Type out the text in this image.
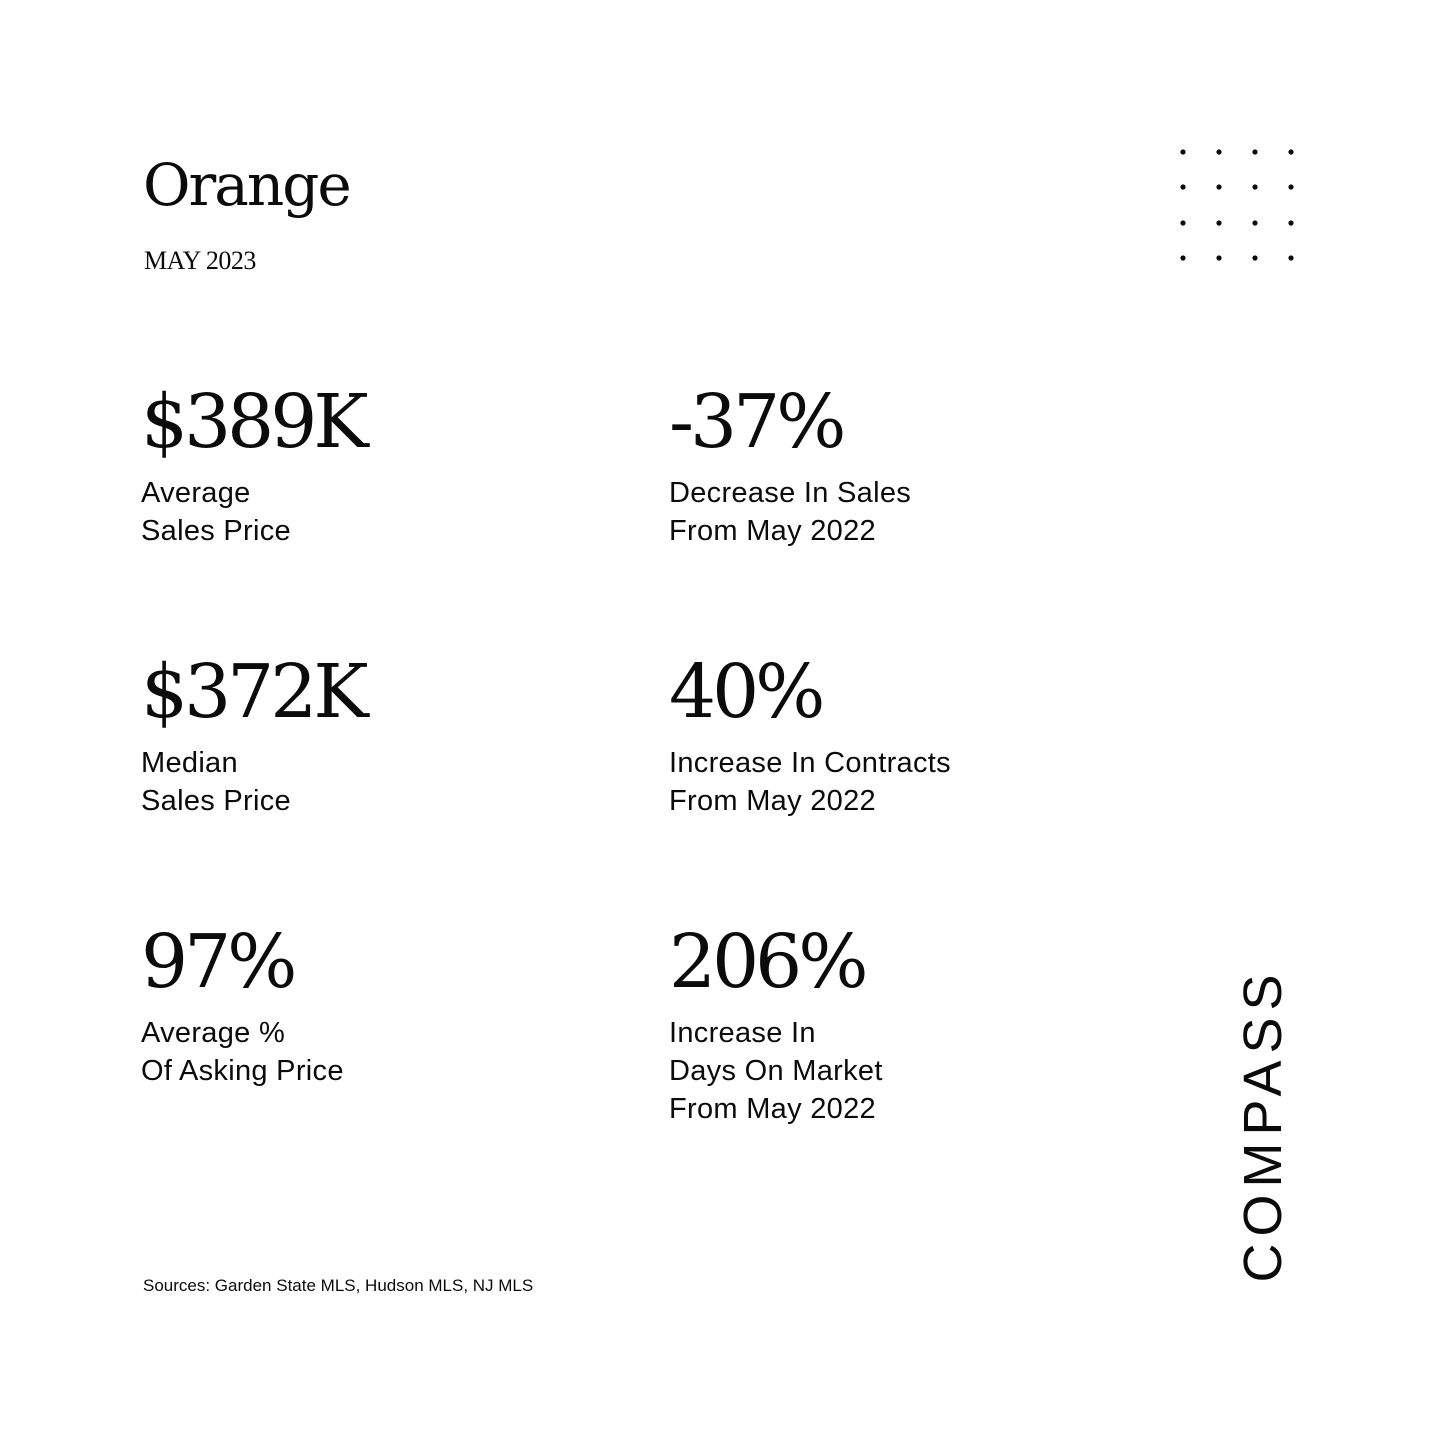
Orange
MAY 2023
$389K
Average
Sales Price
-37%
Decrease In Sales
From May 2022
$372K
Median
Sales Price
40%
Increase In Contracts
From May 2022
97%
Average %
Of Asking Price
206%
Increase In
Days On Market
From May 2022
Sources: Garden State MLS, Hudson MLS, NJ MLS
COMPASS
